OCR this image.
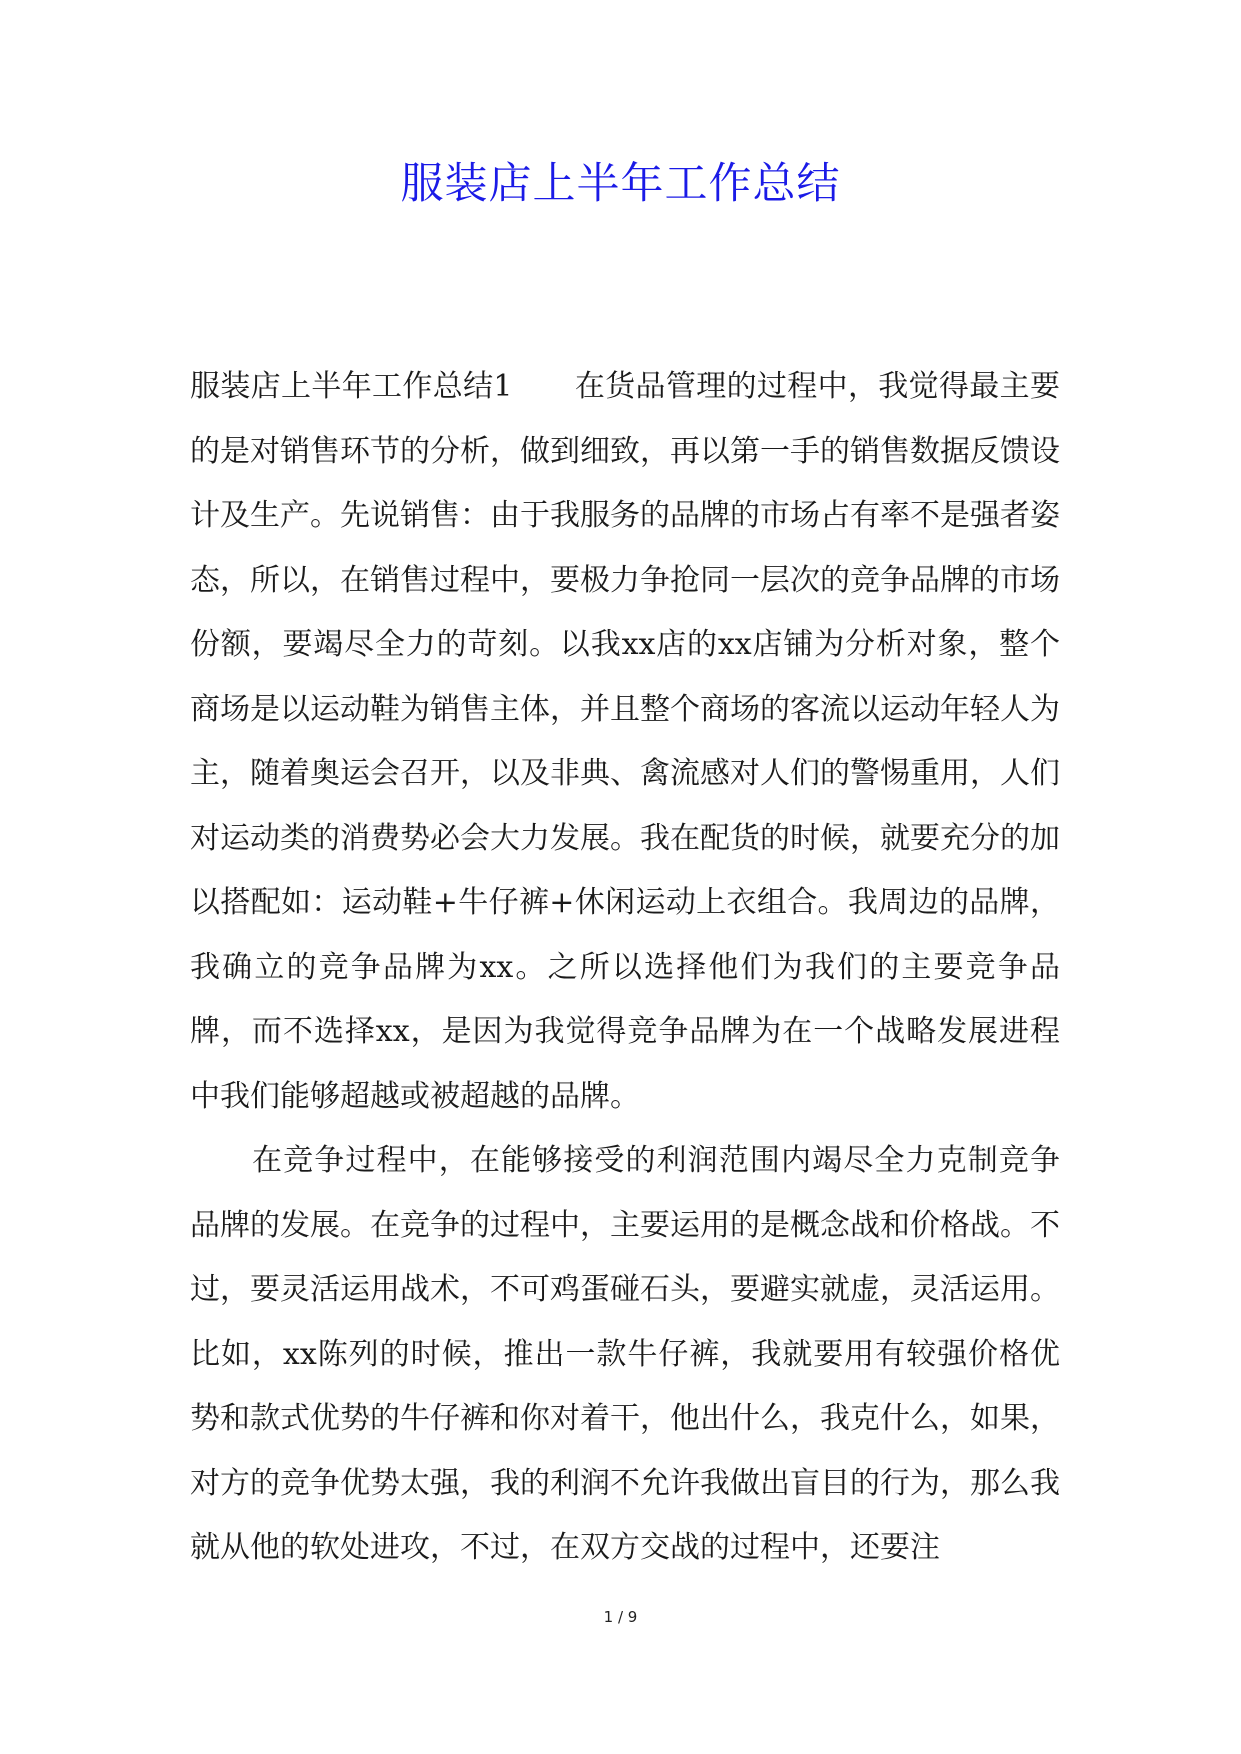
服装店上半年工作总结

服装店上半年工作总结1 在货品管理的过程中，我觉得最主要的是对销售环节的分析，做到细致，再以第一手的销售数据反馈设计及生产。先说销售：由于我服务的品牌的市场占有率不是强者姿态，所以，在销售过程中，要极力争抢同一层次的竞争品牌的市场份额，要竭尽全力的苛刻。以我xx店的xx店铺为分析对象，整个商场是以运动鞋为销售主体，并且整个商场的客流以运动年轻人为主，随着奥运会召开，以及非典、禽流感对人们的警惕重用，人们对运动类的消费势必会大力发展。我在配货的时候，就要充分的加以搭配如：运动鞋+牛仔裤+休闲运动上衣组合。我周边的品牌，我确立的竞争品牌为xx。之所以选择他们为我们的主要竞争品牌，而不选择xx，是因为我觉得竞争品牌为在一个战略发展进程中我们能够超越或被超越的品牌。

在竞争过程中，在能够接受的利润范围内竭尽全力克制竞争品牌的发展。在竞争的过程中，主要运用的是概念战和价格战。不过，要灵活运用战术，不可鸡蛋碰石头，要避实就虚，灵活运用。比如，xx陈列的时候，推出一款牛仔裤，我就要用有较强价格优势和款式优势的牛仔裤和你对着干，他出什么，我克什么，如果，对方的竞争优势太强，我的利润不允许我做出盲目的行为，那么我就从他的软处进攻，不过，在双方交战的过程中，还要注

1 / 9
